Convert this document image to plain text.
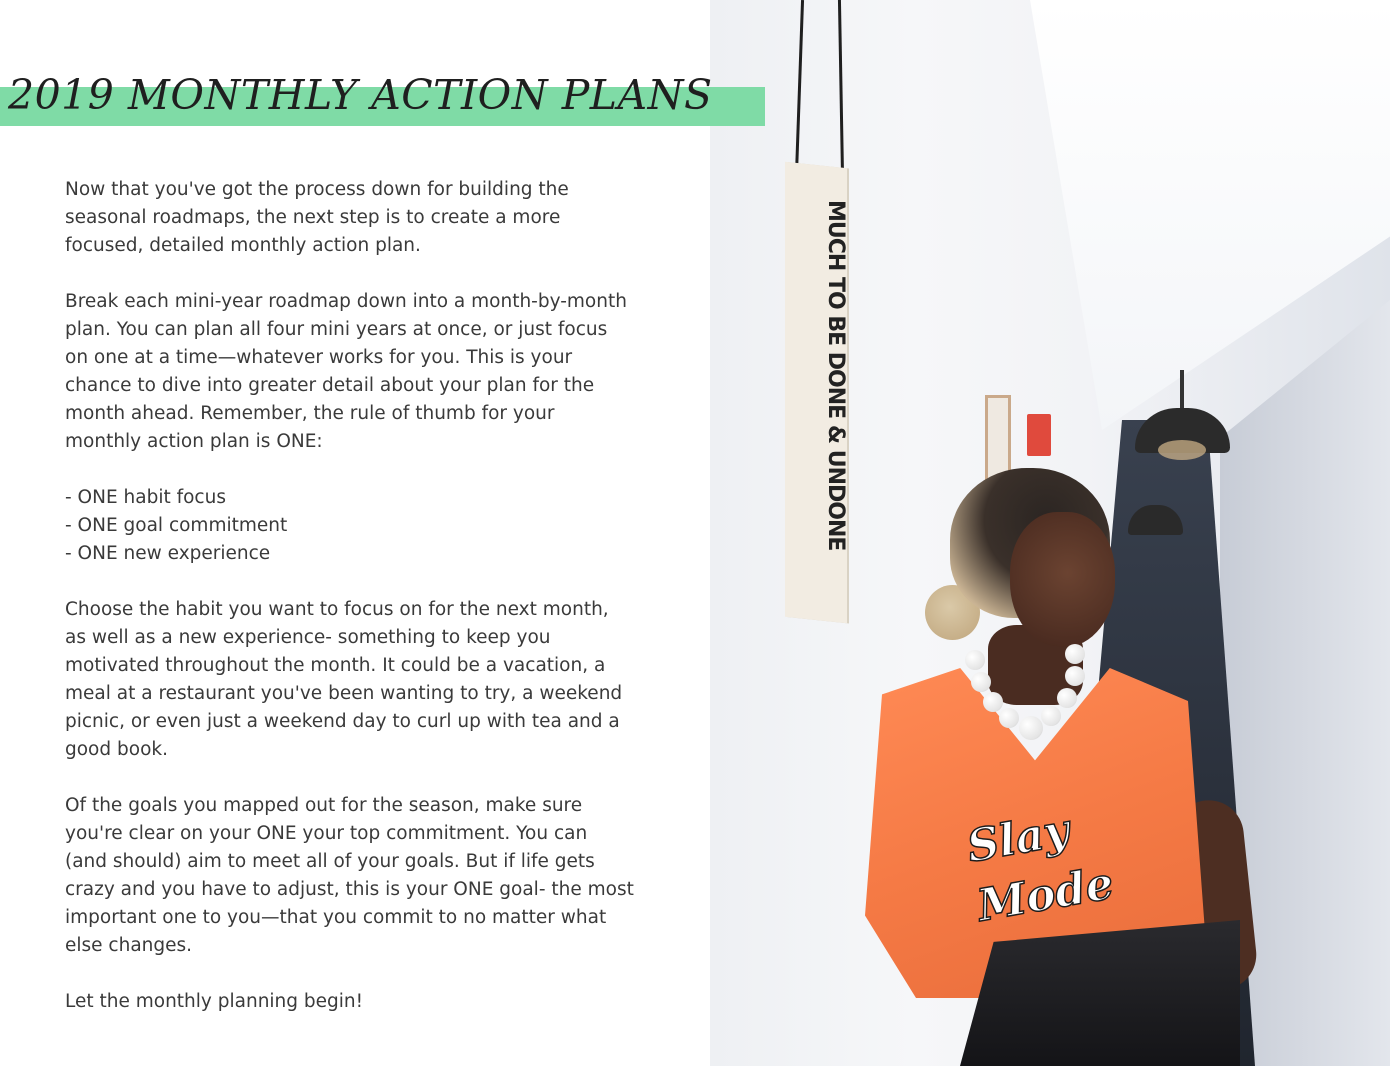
2019 MONTHLY ACTION PLANS

Now that you've got the process down for building the seasonal roadmaps, the next step is to create a more focused, detailed monthly action plan.

Break each mini-year roadmap down into a month-by-month plan. You can plan all four mini years at once, or just focus on one at a time—whatever works for you. This is your chance to dive into greater detail about your plan for the month ahead. Remember, the rule of thumb for your monthly action plan is ONE:

- ONE habit focus
- ONE goal commitment
- ONE new experience

Choose the habit you want to focus on for the next month, as well as a new experience- something to keep you motivated throughout the month. It could be a vacation, a meal at a restaurant you've been wanting to try, a weekend picnic, or even just a weekend day to curl up with tea and a good book.

Of the goals you mapped out for the season, make sure you're clear on your ONE your top commitment. You can (and should) aim to meet all of your goals. But if life gets crazy and you have to adjust, this is your ONE goal- the most important one to you—that you commit to no matter what else changes.

Let the monthly planning begin!

MUCH TO BE DONE & UNDONE
Slay Mode
